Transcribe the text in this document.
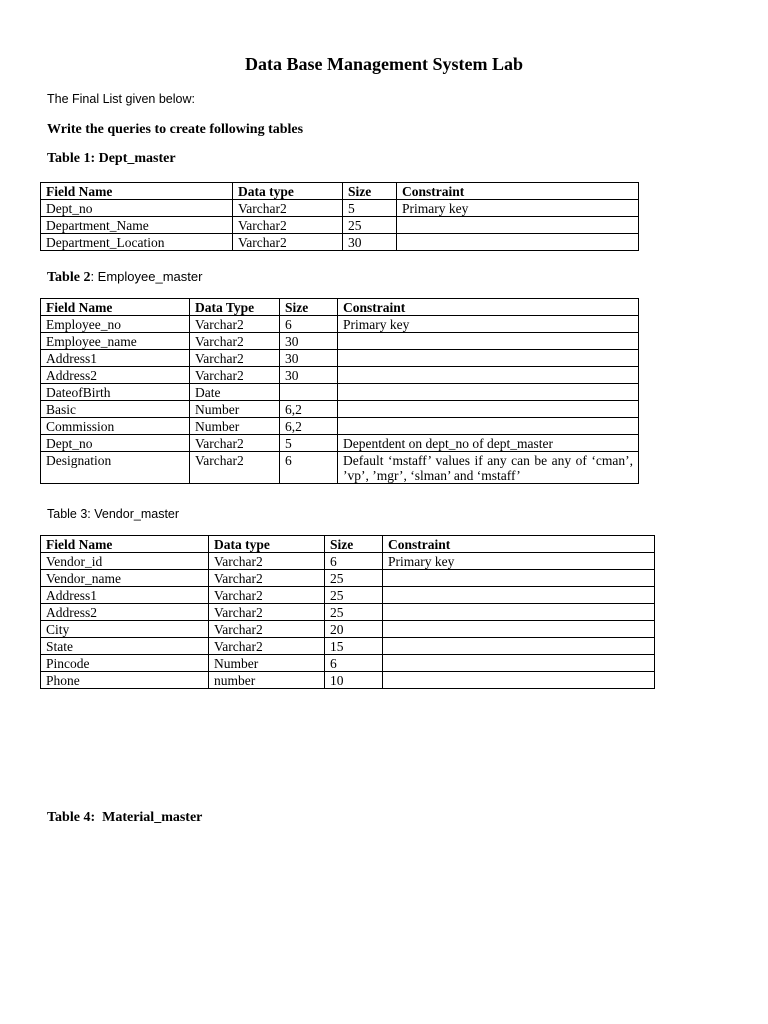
Data Base Management System Lab
The Final List given below:
Write the queries to create following tables
Table 1: Dept_master
Field Name	Data type	Size	Constraint
Dept_no	Varchar2	5	Primary key
Department_Name	Varchar2	25	
Department_Location	Varchar2	30	
Table 2: Employee_master
Field Name	Data Type	Size	Constraint
Employee_no	Varchar2	6	Primary key
Employee_name	Varchar2	30	
Address1	Varchar2	30	
Address2	Varchar2	30	
DateofBirth	Date		
Basic	Number	6,2	
Commission	Number	6,2	
Dept_no	Varchar2	5	Depentdent on dept_no of dept_master
Designation	Varchar2	6	Default ‘mstaff’ values if any can be any of ‘cman’, ’vp’, ’mgr’, ‘slman’ and ‘mstaff’
Table 3: Vendor_master
Field Name	Data type	Size	Constraint
Vendor_id	Varchar2	6	Primary key
Vendor_name	Varchar2	25	
Address1	Varchar2	25	
Address2	Varchar2	25	
City	Varchar2	20	
State	Varchar2	15	
Pincode	Number	6	
Phone	number	10	
Table 4:  Material_master
